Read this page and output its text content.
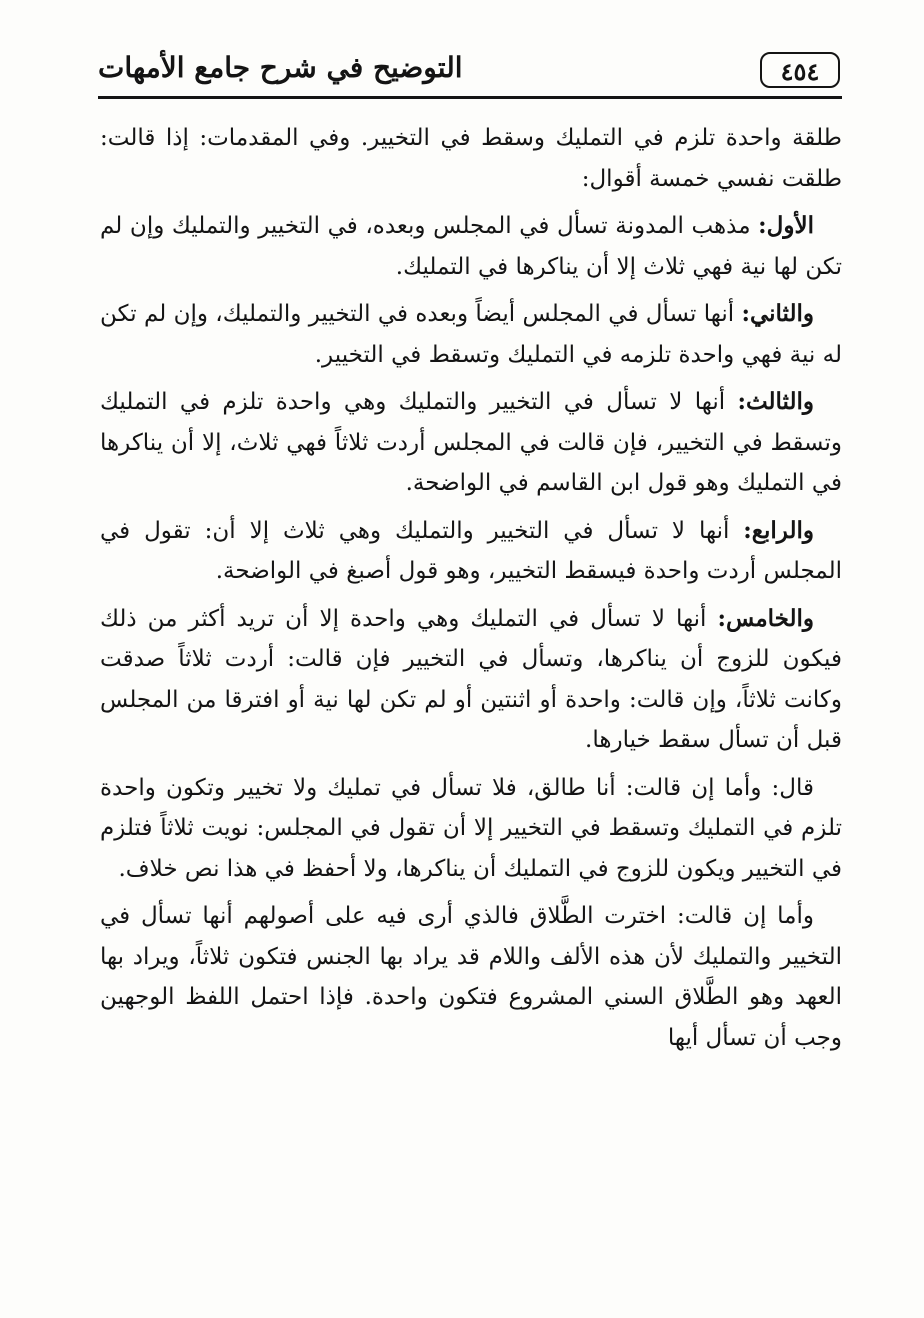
٤٥٤
التوضيح في شرح جامع الأمهات

طلقة واحدة تلزم في التمليك وسقط في التخيير. وفي المقدمات: إذا قالت: طلقت نفسي خمسة أقوال:

الأول: مذهب المدونة تسأل في المجلس وبعده، في التخيير والتمليك وإن لم تكن لها نية فهي ثلاث إلا أن يناكرها في التمليك.

والثاني: أنها تسأل في المجلس أيضاً وبعده في التخيير والتمليك، وإن لم تكن له نية فهي واحدة تلزمه في التمليك وتسقط في التخيير.

والثالث: أنها لا تسأل في التخيير والتمليك وهي واحدة تلزم في التمليك وتسقط في التخيير، فإن قالت في المجلس أردت ثلاثاً فهي ثلاث، إلا أن يناكرها في التمليك وهو قول ابن القاسم في الواضحة.

والرابع: أنها لا تسأل في التخيير والتمليك وهي ثلاث إلا أن: تقول في المجلس أردت واحدة فيسقط التخيير، وهو قول أصبغ في الواضحة.

والخامس: أنها لا تسأل في التمليك وهي واحدة إلا أن تريد أكثر من ذلك فيكون للزوج أن يناكرها، وتسأل في التخيير فإن قالت: أردت ثلاثاً صدقت وكانت ثلاثاً، وإن قالت: واحدة أو اثنتين أو لم تكن لها نية أو افترقا من المجلس قبل أن تسأل سقط خيارها.

قال: وأما إن قالت: أنا طالق، فلا تسأل في تمليك ولا تخيير وتكون واحدة تلزم في التمليك وتسقط في التخيير إلا أن تقول في المجلس: نويت ثلاثاً فتلزم في التخيير ويكون للزوج في التمليك أن يناكرها، ولا أحفظ في هذا نص خلاف.

وأما إن قالت: اخترت الطَّلاق فالذي أرى فيه على أصولهم أنها تسأل في التخيير والتمليك لأن هذه الألف واللام قد يراد بها الجنس فتكون ثلاثاً، ويراد بها العهد وهو الطَّلاق السني المشروع فتكون واحدة. فإذا احتمل اللفظ الوجهين وجب أن تسأل أيها
